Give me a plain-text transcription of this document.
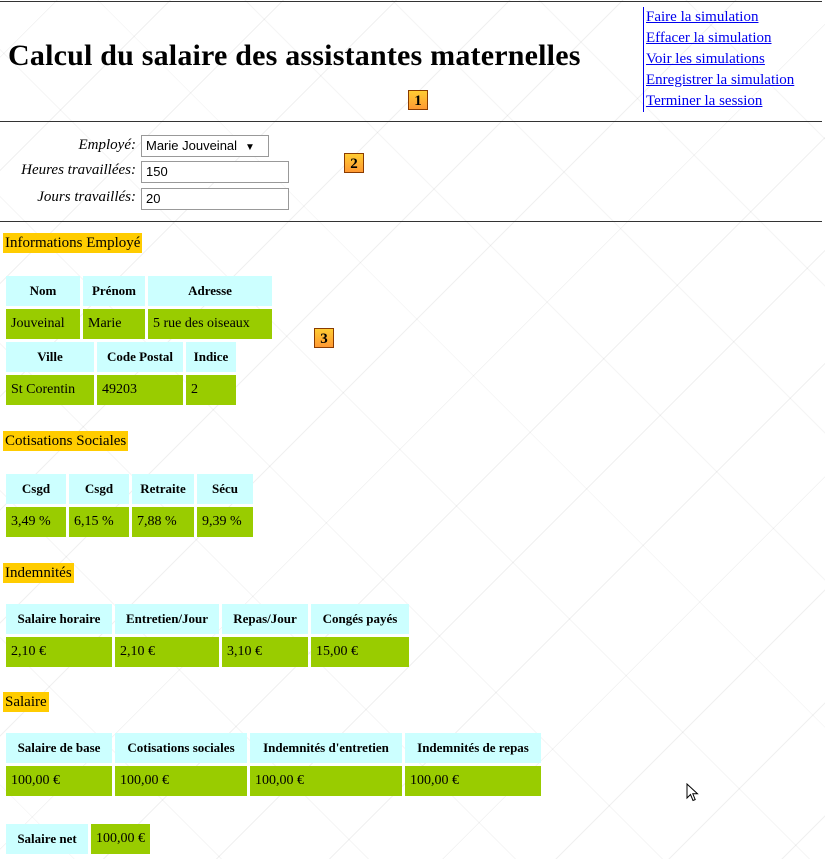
Calcul du salaire des assistantes maternelles
Faire la simulation
Effacer la simulation
Voir les simulations
Enregistrer la simulation
Terminer la session
1
Employé: Marie Jouveinal ▼
Heures travaillées: 150
Jours travaillés: 20
2
Informations Employé
Nom	Prénom	Adresse
Jouveinal	Marie	5 rue des oiseaux
Ville	Code Postal	Indice
St Corentin	49203	2
3
Cotisations Sociales
Csgd	Csgd	Retraite	Sécu
3,49 %	6,15 %	7,88 %	9,39 %
Indemnités
Salaire horaire	Entretien/Jour	Repas/Jour	Congés payés
2,10 €	2,10 €	3,10 €	15,00 €
Salaire
Salaire de base	Cotisations sociales	Indemnités d'entretien	Indemnités de repas
100,00 €	100,00 €	100,00 €	100,00 €
Salaire net	100,00 €
